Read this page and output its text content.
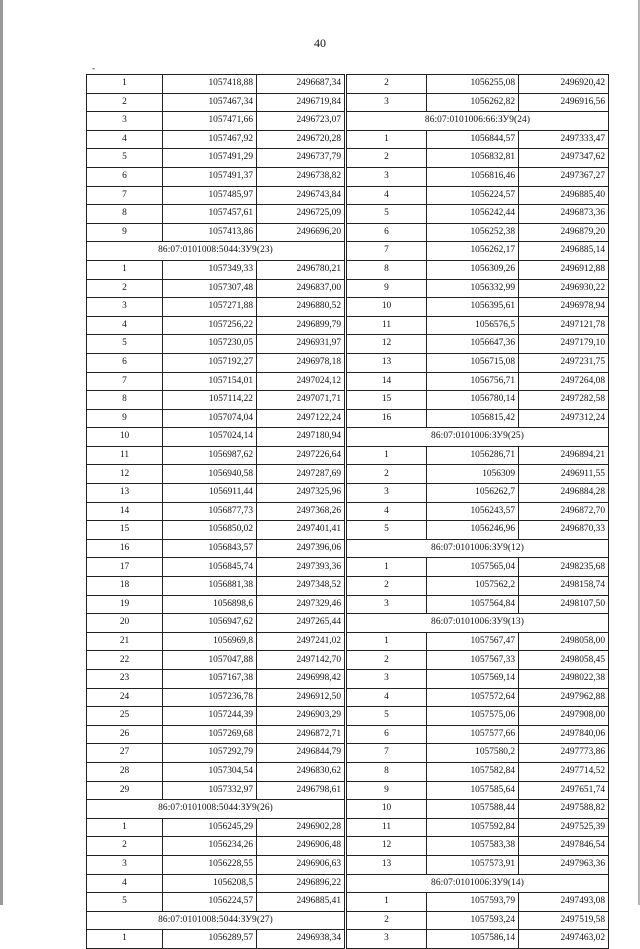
40
-
1	1057418,88	2496687,34
2	1057467,34	2496719,84
3	1057471,66	2496723,07
4	1057467,92	2496720,28
5	1057491,29	2496737,79
6	1057491,37	2496738,82
7	1057485,97	2496743,84
8	1057457,61	2496725,09
9	1057413,86	2496696,20
86:07:0101008:5044:ЗУ9(23)		
1	1057349,33	2496780,21
2	1057307,48	2496837,00
3	1057271,88	2496880,52
4	1057256,22	2496899,79
5	1057230,05	2496931,97
6	1057192,27	2496978,18
7	1057154,01	2497024,12
8	1057114,22	2497071,71
9	1057074,04	2497122,24
10	1057024,14	2497180,94
11	1056987,62	2497226,64
12	1056940,58	2497287,69
13	1056911,44	2497325,96
14	1056877,73	2497368,26
15	1056850,02	2497401,41
16	1056843,57	2497396,06
17	1056845,74	2497393,36
18	1056881,38	2497348,52
19	1056898,6	2497329,46
20	1056947,62	2497265,44
21	1056969,8	2497241,02
22	1057047,88	2497142,70
23	1057167,38	2496998,42
24	1057236,78	2496912,50
25	1057244,39	2496903,29
26	1057269,68	2496872,71
27	1057292,79	2496844,79
28	1057304,54	2496830,62
29	1057332,97	2496798,61
86:07:0101008:5044:ЗУ9(26)		
1	1056245,29	2496902,28
2	1056234,26	2496906,48
3	1056228,55	2496906,63
4	1056208,5	2496896,22
5	1056224,57	2496885,41
86:07:0101008:5044:ЗУ9(27)		
1	1056289,57	2496938,34
2	1056255,08	2496920,42
3	1056262,82	2496916,56
86:07:0101006:66:ЗУ9(24)		
1	1056844,57	2497333,47
2	1056832,81	2497347,62
3	1056816,46	2497367,27
4	1056224,57	2496885,40
5	1056242,44	2496873,36
6	1056252,38	2496879,20
7	1056262,17	2496885,14
8	1056309,26	2496912,88
9	1056332,99	2496930,22
10	1056395,61	2496978,94
11	1056576,5	2497121,78
12	1056647,36	2497179,10
13	1056715,08	2497231,75
14	1056756,71	2497264,08
15	1056780,14	2497282,58
16	1056815,42	2497312,24
86:07:0101006:ЗУ9(25)		
1	1056286,71	2496894,21
2	1056309	2496911,55
3	1056262,7	2496884,28
4	1056243,57	2496872,70
5	1056246,96	2496870,33
86:07:0101006:ЗУ9(12)		
1	1057565,04	2498235,68
2	1057562,2	2498158,74
3	1057564,84	2498107,50
86:07:0101006:ЗУ9(13)		
1	1057567,47	2498058,00
2	1057567,33	2498058,45
3	1057569,14	2498022,38
4	1057572,64	2497962,88
5	1057575,06	2497908,00
6	1057577,66	2497840,06
7	1057580,2	2497773,86
8	1057582,84	2497714,52
9	1057585,64	2497651,74
10	1057588,44	2497588,82
11	1057592,84	2497525,39
12	1057583,38	2497846,54
13	1057573,91	2497963,36
86:07:0101006:ЗУ9(14)		
1	1057593,79	2497493,08
2	1057593,24	2497519,58
3	1057586,14	2497463,02
